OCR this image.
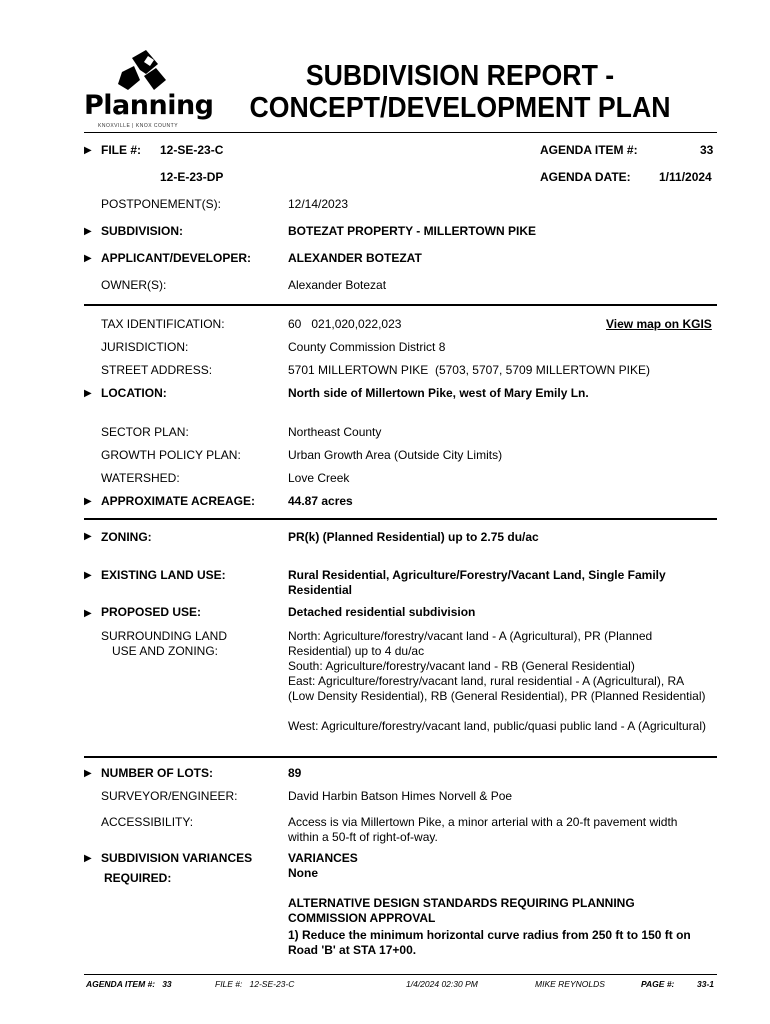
Planning
KNOXVILLE | KNOX COUNTY
SUBDIVISION REPORT -
CONCEPT/DEVELOPMENT PLAN
▶ FILE #: 12-SE-23-C
12-E-23-DP
AGENDA ITEM #:	33
AGENDA DATE: 1/11/2024
POSTPONEMENT(S):	12/14/2023
▶ SUBDIVISION:	BOTEZAT PROPERTY - MILLERTOWN PIKE
▶ APPLICANT/DEVELOPER:	ALEXANDER BOTEZAT
OWNER(S):	Alexander Botezat
TAX IDENTIFICATION:	60   021,020,022,023	View map on KGIS
JURISDICTION:	County Commission District 8
STREET ADDRESS:	5701 MILLERTOWN PIKE  (5703, 5707, 5709 MILLERTOWN PIKE)
▶ LOCATION:	North side of Millertown Pike, west of Mary Emily Ln.
SECTOR PLAN:	Northeast County
GROWTH POLICY PLAN:	Urban Growth Area (Outside City Limits)
WATERSHED:	Love Creek
▶ APPROXIMATE ACREAGE:	44.87 acres
▶ ZONING:	PR(k) (Planned Residential) up to 2.75 du/ac
▶ EXISTING LAND USE:	Rural Residential, Agriculture/Forestry/Vacant Land, Single Family Residential
▶ PROPOSED USE:	Detached residential subdivision
SURROUNDING LAND
USE AND ZONING:
North: Agriculture/forestry/vacant land - A (Agricultural), PR (Planned Residential) up to 4 du/ac
South: Agriculture/forestry/vacant land - RB (General Residential)
East: Agriculture/forestry/vacant land, rural residential - A (Agricultural), RA (Low Density Residential), RB (General Residential), PR (Planned Residential)
West: Agriculture/forestry/vacant land, public/quasi public land - A (Agricultural)
▶ NUMBER OF LOTS:	89
SURVEYOR/ENGINEER:	David Harbin Batson Himes Norvell & Poe
ACCESSIBILITY:	Access is via Millertown Pike, a minor arterial with a 20-ft pavement width within a 50-ft of right-of-way.
▶ SUBDIVISION VARIANCES
REQUIRED:
VARIANCES
None
ALTERNATIVE DESIGN STANDARDS REQUIRING PLANNING COMMISSION APPROVAL
1) Reduce the minimum horizontal curve radius from 250 ft to 150 ft on Road 'B' at STA 17+00.
AGENDA ITEM #:   33	FILE #:   12-SE-23-C	1/4/2024 02:30 PM	MIKE REYNOLDS	PAGE #:	33-1
